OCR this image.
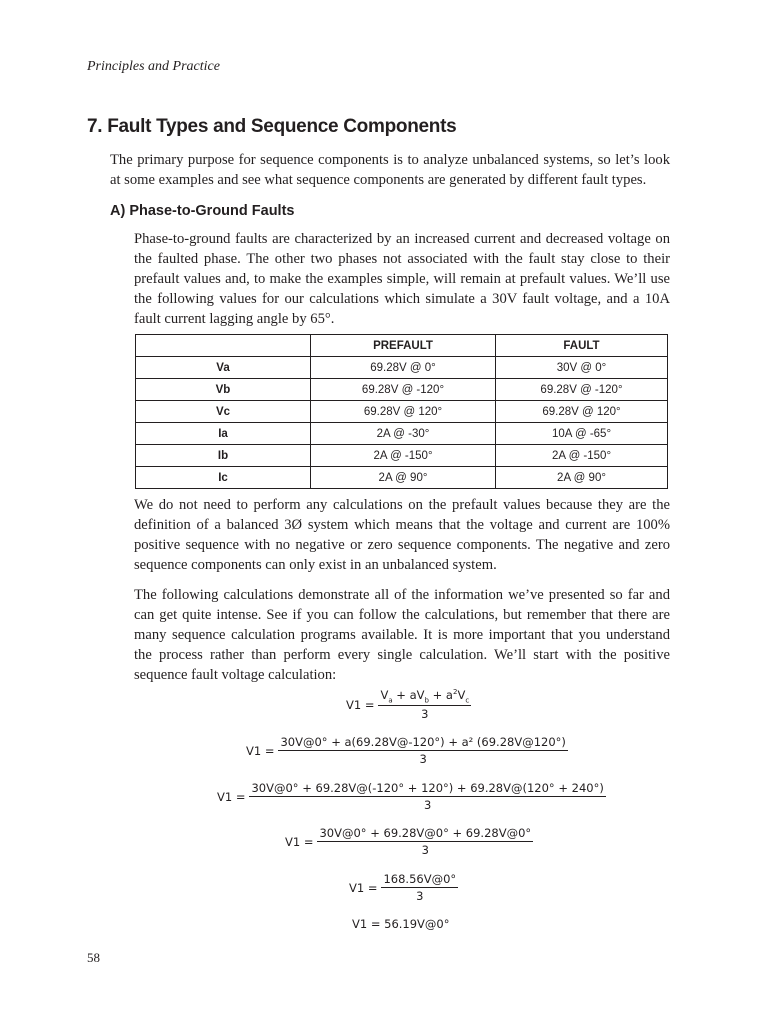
Principles and Practice
7. Fault Types and Sequence Components

The primary purpose for sequence components is to analyze unbalanced systems, so let’s look at some examples and see what sequence components are generated by different fault types.

A) Phase-to-Ground Faults

Phase-to-ground faults are characterized by an increased current and decreased voltage on the faulted phase. The other two phases not associated with the fault stay close to their prefault values and, to make the examples simple, will remain at prefault values. We’ll use the following values for our calculations which simulate a 30V fault voltage, and a 10A fault current lagging angle by 65°.

	PREFAULT	FAULT
Va	69.28V @ 0°	30V @ 0°
Vb	69.28V @ -120°	69.28V @ -120°
Vc	69.28V @ 120°	69.28V @ 120°
Ia	2A @ -30°	10A @ -65°
Ib	2A @ -150°	2A @ -150°
Ic	2A @ 90°	2A @ 90°

We do not need to perform any calculations on the prefault values because they are the definition of a balanced 3Ø system which means that the voltage and current are 100% positive sequence with no negative or zero sequence components. The negative and zero sequence components can only exist in an unbalanced system.

The following calculations demonstrate all of the information we’ve presented so far and can get quite intense. See if you can follow the calculations, but remember that there are many sequence calculation programs available. It is more important that you understand the process rather than perform every single calculation. We’ll start with the positive sequence fault voltage calculation:

$V1 = \frac{V_a + aV_b + a^2V_c}{3}$
$V1 = \frac{\text{30V@0° + a(69.28V@-120°) + a² (69.28V@120°)}}{3}$
$V1 = \frac{30V@0^\circ + 69.28V@(-120^\circ + 120^\circ) + 69.28V@(120^\circ + 240^\circ)}{3}$
$V1 = \frac{30V@0^\circ + 69.28V@0^\circ + 69.28V@0^\circ}{3}$
$V1 = \frac{168.56V@0^\circ}{3}$
V1 = 56.19V@0°
58
